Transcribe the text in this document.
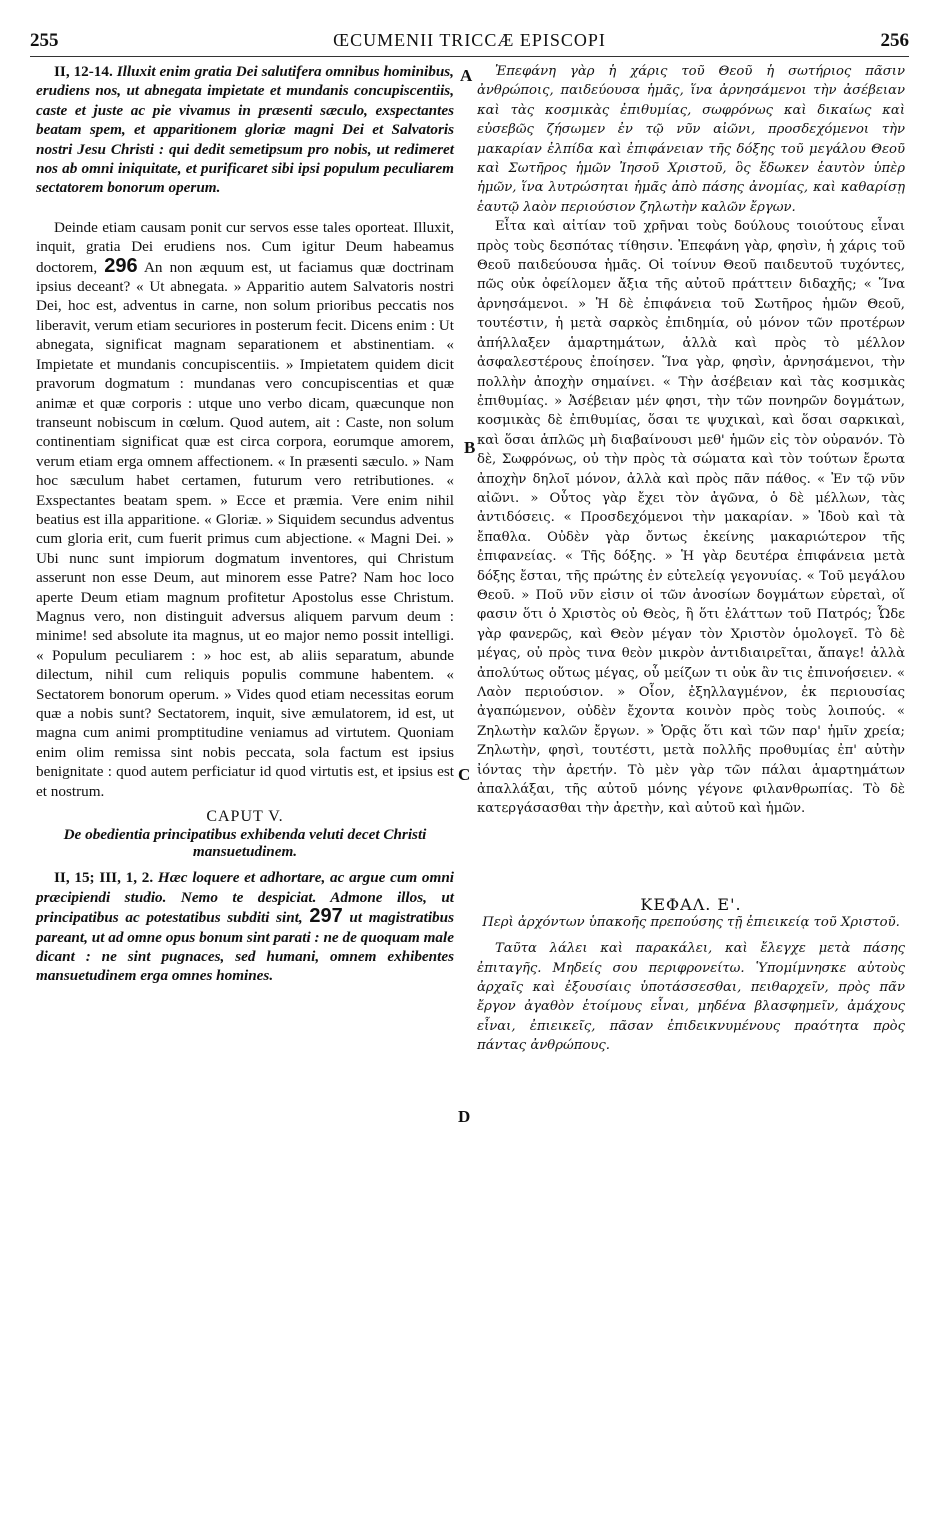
255	ŒCUMENII TRICCÆ EPISCOPI	256

II, 12-14. Illuxit enim gratia Dei salutifera omnibus hominibus, erudiens nos, ut abnegata impietate et mundanis concupiscentiis, caste et juste ac pie vivamus in præsenti sæculo, exspectantes beatam spem, et apparitionem gloriæ magni Dei et Salvatoris nostri Jesu Christi : qui dedit semetipsum pro nobis, ut redimeret nos ab omni iniquitate, et purificaret sibi ipsi populum peculiarem sectatorem bonorum operum.

Deinde etiam causam ponit cur servos esse tales oporteat. Illuxit, inquit, gratia Dei erudiens nos. Cum igitur Deum habeamus doctorem, 296 An non æquum est, ut faciamus quæ doctrinam ipsius deceant? « Ut abnegata. » Apparitio autem Salvatoris nostri Dei, hoc est, adventus in carne, non solum prioribus peccatis nos liberavit, verum etiam securiores in posterum fecit. Dicens enim : Ut abnegata, significat magnam separationem et abstinentiam. « Impietate et mundanis concupiscentiis. » Impietatem quidem dicit pravorum dogmatum : mundanas vero concupiscentias et quæ animæ et quæ corporis : utque uno verbo dicam, quæcunque non transeunt nobiscum in cœlum. Quod autem, ait : Caste, non solum continentiam significat quæ est circa corpora, eorumque amorem, verum etiam erga omnem affectionem. « In præsenti sæculo. » Nam hoc sæculum habet certamen, futurum vero retributiones. « Exspectantes beatam spem. » Ecce et præmia. Vere enim nihil beatius est illa apparitione. « Gloriæ. » Siquidem secundus adventus cum gloria erit, cum fuerit primus cum abjectione. « Magni Dei. » Ubi nunc sunt impiorum dogmatum inventores, qui Christum asserunt non esse Deum, aut minorem esse Patre? Nam hoc loco aperte Deum etiam magnum profitetur Apostolus esse Christum. Magnus vero, non distinguit adversus aliquem parvum deum : minime! sed absolute ita magnus, ut eo major nemo possit intelligi. « Populum peculiarem : » hoc est, ab aliis separatum, abunde dilectum, nihil cum reliquis populis commune habentem. « Sectatorem bonorum operum. » Vides quod etiam necessitas eorum quæ a nobis sunt? Sectatorem, inquit, sive æmulatorem, id est, ut magna cum animi promptitudine veniamus ad virtutem. Quoniam enim olim remissa sint nobis peccata, sola factum est ipsius benignitate : quod autem perficiatur id quod virtutis est, et ipsius est et nostrum.

CAPUT V.
De obedientia principatibus exhibenda veluti decet Christi mansuetudinem.

II, 15; III, 1, 2. Hæc loquere et adhortare, ac argue cum omni præcipiendi studio. Nemo te despiciat. Admone illos, ut principatibus ac potestatibus subditi sint, 297 ut magistratibus pareant, ut ad omne opus bonum sint parati : ne de quoquam male dicant : ne sint pugnaces, sed humani, omnem exhibentes mansuetudinem erga omnes homines.

A
B
C
D

Ἐπεφάνη γὰρ ἡ χάρις τοῦ Θεοῦ ἡ σωτήριος πᾶσιν ἀνθρώποις, παιδεύουσα ἡμᾶς, ἵνα ἀρνησάμενοι τὴν ἀσέβειαν καὶ τὰς κοσμικὰς ἐπιθυμίας, σωφρόνως καὶ δικαίως καὶ εὐσεβῶς ζήσωμεν ἐν τῷ νῦν αἰῶνι, προσδεχόμενοι τὴν μακαρίαν ἐλπίδα καὶ ἐπιφάνειαν τῆς δόξης τοῦ μεγάλου Θεοῦ καὶ Σωτῆρος ἡμῶν Ἰησοῦ Χριστοῦ, ὃς ἔδωκεν ἑαυτὸν ὑπὲρ ἡμῶν, ἵνα λυτρώσηται ἡμᾶς ἀπὸ πάσης ἀνομίας, καὶ καθαρίσῃ ἑαυτῷ λαὸν περιούσιον ζηλωτὴν καλῶν ἔργων.

Εἶτα καὶ αἰτίαν τοῦ χρῆναι τοὺς δούλους τοιούτους εἶναι πρὸς τοὺς δεσπότας τίθησιν. Ἐπεφάνη γὰρ, φησὶν, ἡ χάρις τοῦ Θεοῦ παιδεύουσα ἡμᾶς. Οἱ τοίνυν Θεοῦ παιδευτοῦ τυχόντες, πῶς οὐκ ὀφείλομεν ἄξια τῆς αὐτοῦ πράττειν διδαχῆς; « Ἵνα ἀρνησάμενοι. » Ἡ δὲ ἐπιφάνεια τοῦ Σωτῆρος ἡμῶν Θεοῦ, τουτέστιν, ἡ μετὰ σαρκὸς ἐπιδημία, οὐ μόνον τῶν προτέρων ἀπήλλαξεν ἁμαρτημάτων, ἀλλὰ καὶ πρὸς τὸ μέλλον ἀσφαλεστέρους ἐποίησεν. Ἵνα γὰρ, φησὶν, ἀρνησάμενοι, τὴν πολλὴν ἀποχὴν σημαίνει. « Τὴν ἀσέβειαν καὶ τὰς κοσμικὰς ἐπιθυμίας. » Ἀσέβειαν μέν φησι, τὴν τῶν πονηρῶν δογμάτων, κοσμικὰς δὲ ἐπιθυμίας, ὅσαι τε ψυχικαὶ, καὶ ὅσαι σαρκικαὶ, καὶ ὅσαι ἁπλῶς μὴ διαβαίνουσι μεθ' ἡμῶν εἰς τὸν οὐρανόν. Τὸ δὲ, Σωφρόνως, οὐ τὴν πρὸς τὰ σώματα καὶ τὸν τούτων ἔρωτα ἀποχὴν δηλοῖ μόνον, ἀλλὰ καὶ πρὸς πᾶν πάθος. « Ἐν τῷ νῦν αἰῶνι. » Οὗτος γὰρ ἔχει τὸν ἀγῶνα, ὁ δὲ μέλλων, τὰς ἀντιδόσεις. « Προσδεχόμενοι τὴν μακαρίαν. » Ἰδοὺ καὶ τὰ ἔπαθλα. Οὐδὲν γὰρ ὄντως ἐκείνης μακαριώτερον τῆς ἐπιφανείας. « Τῆς δόξης. » Ἡ γὰρ δευτέρα ἐπιφάνεια μετὰ δόξης ἔσται, τῆς πρώτης ἐν εὐτελείᾳ γεγονυίας. « Τοῦ μεγάλου Θεοῦ. » Ποῦ νῦν εἰσιν οἱ τῶν ἀνοσίων δογμάτων εὑρεταὶ, οἵ φασιν ὅτι ὁ Χριστὸς οὐ Θεὸς, ἢ ὅτι ἐλάττων τοῦ Πατρός; Ὧδε γὰρ φανερῶς, καὶ Θεὸν μέγαν τὸν Χριστὸν ὁμολογεῖ. Τὸ δὲ μέγας, οὐ πρὸς τινα θεὸν μικρὸν ἀντιδιαιρεῖται, ἄπαγε! ἀλλὰ ἀπολύτως οὕτως μέγας, οὗ μείζων τι οὐκ ἂν τις ἐπινοήσειεν. « Λαὸν περιούσιον. » Οἷον, ἐξηλλαγμένον, ἐκ περιουσίας ἀγαπώμενον, οὐδὲν ἔχοντα κοινὸν πρὸς τοὺς λοιπούς. « Ζηλωτὴν καλῶν ἔργων. » Ὁρᾷς ὅτι καὶ τῶν παρ' ἡμῖν χρεία; Ζηλωτὴν, φησὶ, τουτέστι, μετὰ πολλῆς προθυμίας ἐπ' αὐτὴν ἰόντας τὴν ἀρετήν. Τὸ μὲν γὰρ τῶν πάλαι ἁμαρτημάτων ἀπαλλάξαι, τῆς αὐτοῦ μόνης γέγονε φιλανθρωπίας. Τὸ δὲ κατεργάσασθαι τὴν ἀρετὴν, καὶ αὐτοῦ καὶ ἡμῶν.

ΚΕΦΑΛ. Ε'.
Περὶ ἀρχόντων ὑπακοῆς πρεπούσης τῇ ἐπιεικείᾳ τοῦ Χριστοῦ.

Ταῦτα λάλει καὶ παρακάλει, καὶ ἔλεγχε μετὰ πάσης ἐπιταγῆς. Μηδείς σου περιφρονείτω. Ὑπομίμνησκε αὐτοὺς ἀρχαῖς καὶ ἐξουσίαις ὑποτάσσεσθαι, πειθαρχεῖν, πρὸς πᾶν ἔργον ἀγαθὸν ἑτοίμους εἶναι, μηδένα βλασφημεῖν, ἀμάχους εἶναι, ἐπιεικεῖς, πᾶσαν ἐπιδεικνυμένους πραότητα πρὸς πάντας ἀνθρώπους.
